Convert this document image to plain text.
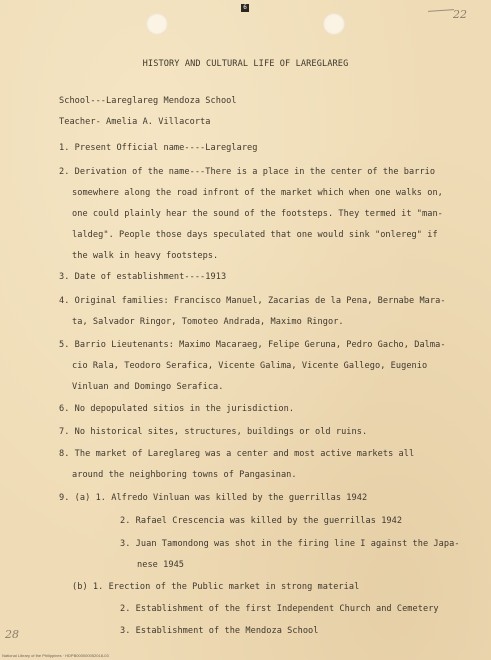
6
22
HISTORY AND CULTURAL LIFE OF LAREGLAREG
School---Lareglareg Mendoza School
Teacher- Amelia A. Villacorta
1. Present Official name----Lareglareg
2. Derivation of the name---There is a place in the center of the barrio
somewhere along the road infront of the market which when one walks on,
one could plainly hear the sound of the footsteps. They termed it "man-
laldeg". People those days speculated that one would sink "onlereg" if
the walk in heavy footsteps.
3. Date of establishment----1913
4. Original families: Francisco Manuel, Zacarias de la Pena, Bernabe Mara-
ta, Salvador Ringor, Tomoteo Andrada, Maximo Ringor.
5. Barrio Lieutenants: Maximo Macaraeg, Felipe Geruna, Pedro Gacho, Dalma-
cio Rala, Teodoro Serafica, Vicente Galima, Vicente Gallego, Eugenio
Vinluan and Domingo Serafica.
6. No depopulated sitios in the jurisdiction.
7. No historical sites, structures, buildings or old ruins.
8. The market of Lareglareg was a center and most active markets all
around the neighboring towns of Pangasinan.
9. (a) 1. Alfredo Vinluan was killed by the guerrillas 1942
2. Rafael Crescencia was killed by the guerrillas 1942
3. Juan Tamondong was shot in the firing line I against the Japa-
nese 1945
(b) 1. Erection of the Public market in strong material
2. Establishment of the first Independent Church and Cemetery
3. Establishment of the Mendoza School
28
National Library of the Philippines · HDPB000000052018-03
